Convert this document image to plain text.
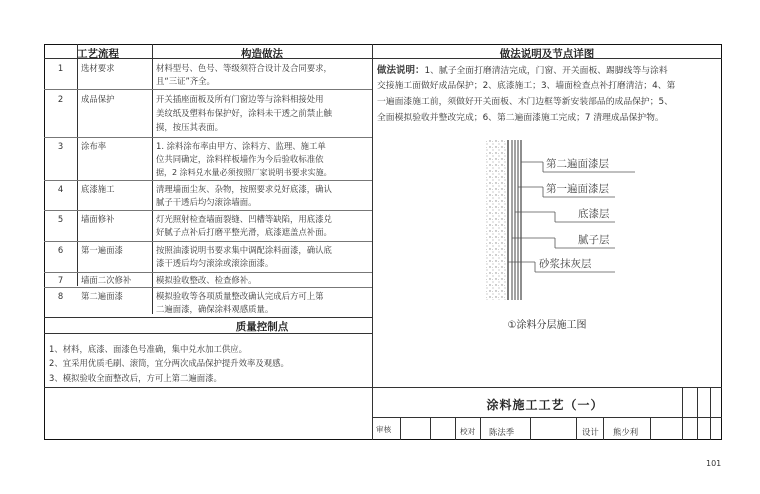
工艺流程	构造做法	做法说明及节点详图
1	选材要求	材料型号、色号、等级须符合设计及合同要求，
且“三证”齐全。
2	成品保护	开关插座面板及所有门窗边等与涂料相接处用
美纹纸及塑料布保护好，涂料未干透之前禁止触
摸，按压其表面。
3	涂布率	1. 涂料涂布率由甲方、涂料方、监理、施工单
位共同确定，涂料样板墙作为今后验收标准依
据，2 涂料兑水量必须按照厂家说明书要求实施。
4	底漆施工	清理墙面尘灰、杂物，按照要求兑好底漆，确认
腻子干透后均匀滚涂墙面。
5	墙面修补	灯光照射检查墙面裂缝、凹槽等缺陷，用底漆兑
好腻子点补后打磨平整光滑，底漆遮盖点补面。
6	第一遍面漆	按照油漆说明书要求集中调配涂料面漆，确认底
漆干透后均匀滚涂或滚涂面漆。
7	墙面二次修补	模拟验收整改、检查修补。
8	第二遍面漆	模拟验收等各项质量整改确认完成后方可上第
二遍面漆，确保涂料观感质量。
质量控制点
1、材料，底漆、面漆色号准确，集中兑水加工供应。
2、宜采用优质毛刷、滚筒，宜分两次成品保护提升效率及观感。
3、模拟验收全面整改后，方可上第二遍面漆。
做法说明：1、腻子全面打磨清洁完成，门窗、开关面板、踢脚线等与涂料
交接施工面做好成品保护；2、底漆施工；3、墙面检查点补打磨清洁；4、第
一遍面漆施工前，须做好开关面板、木门边框等新安装部品的成品保护；5、
全面模拟验收并整改完成；6、第二遍面漆施工完成；7 清理成品保护物。
第二遍面漆层
第一遍面漆层
底漆层
腻子层
砂浆抹灰层
①涂料分层施工图
涂料施工工艺（一）
审核	校对 陈法季	设计 熊少利
101
